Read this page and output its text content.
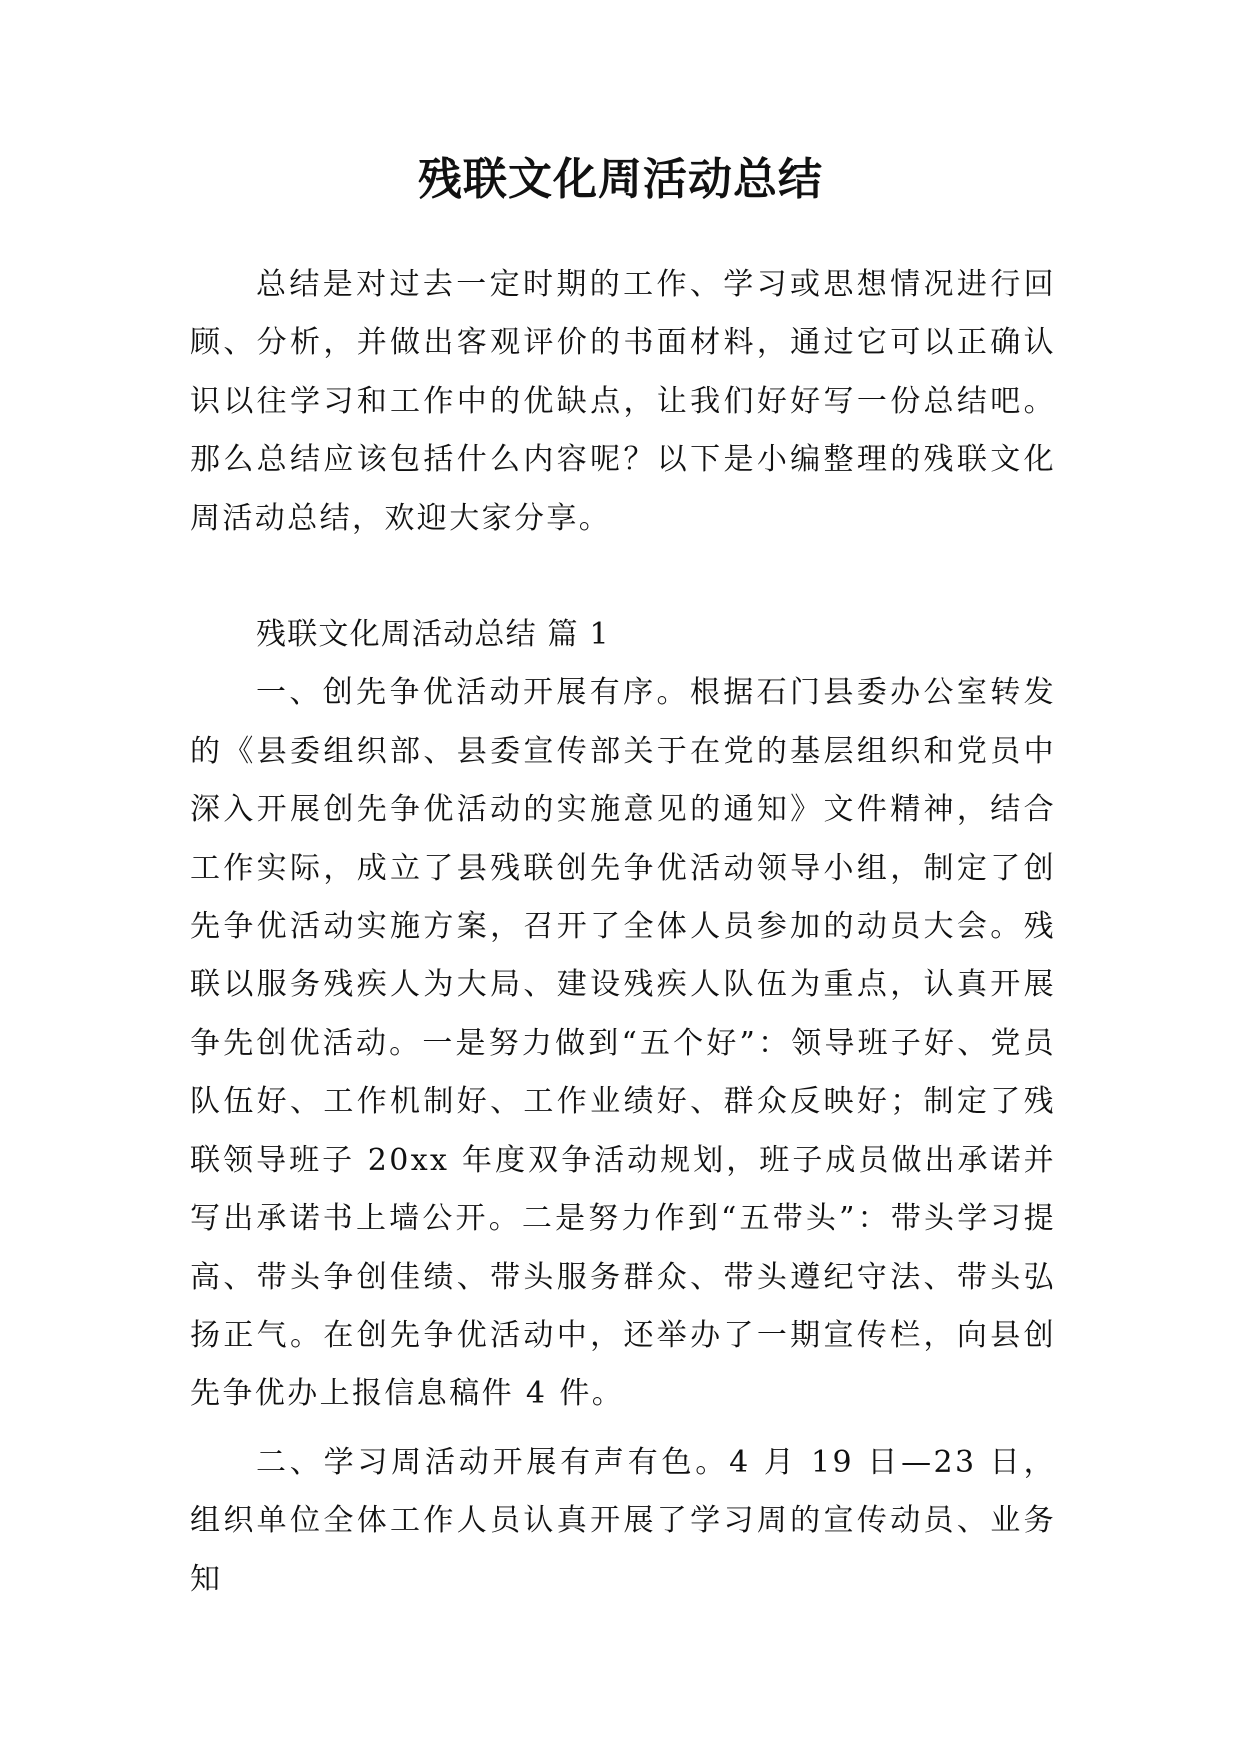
残联文化周活动总结

总结是对过去一定时期的工作、学习或思想情况进行回顾、分析，并做出客观评价的书面材料，通过它可以正确认识以往学习和工作中的优缺点，让我们好好写一份总结吧。那么总结应该包括什么内容呢？以下是小编整理的残联文化周活动总结，欢迎大家分享。

残联文化周活动总结 篇 1

一、创先争优活动开展有序。根据石门县委办公室转发的《县委组织部、县委宣传部关于在党的基层组织和党员中深入开展创先争优活动的实施意见的通知》文件精神，结合工作实际，成立了县残联创先争优活动领导小组，制定了创先争优活动实施方案，召开了全体人员参加的动员大会。残联以服务残疾人为大局、建设残疾人队伍为重点，认真开展争先创优活动。一是努力做到“五个好”：领导班子好、党员队伍好、工作机制好、工作业绩好、群众反映好；制定了残联领导班子 20xx 年度双争活动规划，班子成员做出承诺并写出承诺书上墙公开。二是努力作到“五带头”：带头学习提高、带头争创佳绩、带头服务群众、带头遵纪守法、带头弘扬正气。在创先争优活动中，还举办了一期宣传栏，向县创先争优办上报信息稿件 4 件。

二、学习周活动开展有声有色。4 月 19 日—23 日，组织单位全体工作人员认真开展了学习周的宣传动员、业务知
